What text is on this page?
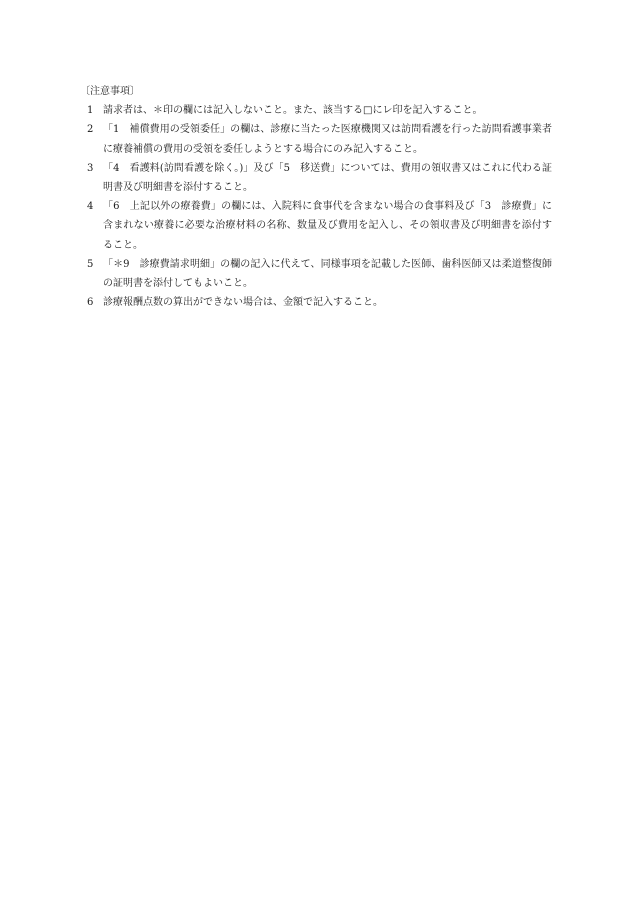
〔注意事項〕

1 請求者は、＊印の欄には記入しないこと。また、該当する□にレ印を記入すること。

2 「1　補償費用の受領委任」の欄は、診療に当たった医療機関又は訪問看護を行った訪問看護事業者に療養補償の費用の受領を委任しようとする場合にのみ記入すること。

3 「4　看護料(訪問看護を除く。)」及び「5　移送費」については、費用の領収書又はこれに代わる証明書及び明細書を添付すること。

4 「6　上記以外の療養費」の欄には、入院料に食事代を含まない場合の食事料及び「3　診療費」に含まれない療養に必要な治療材料の名称、数量及び費用を記入し、その領収書及び明細書を添付すること。

5 「＊9　診療費請求明細」の欄の記入に代えて、同様事項を記載した医師、歯科医師又は柔道整復師の証明書を添付してもよいこと。

6 診療報酬点数の算出ができない場合は、金額で記入すること。
